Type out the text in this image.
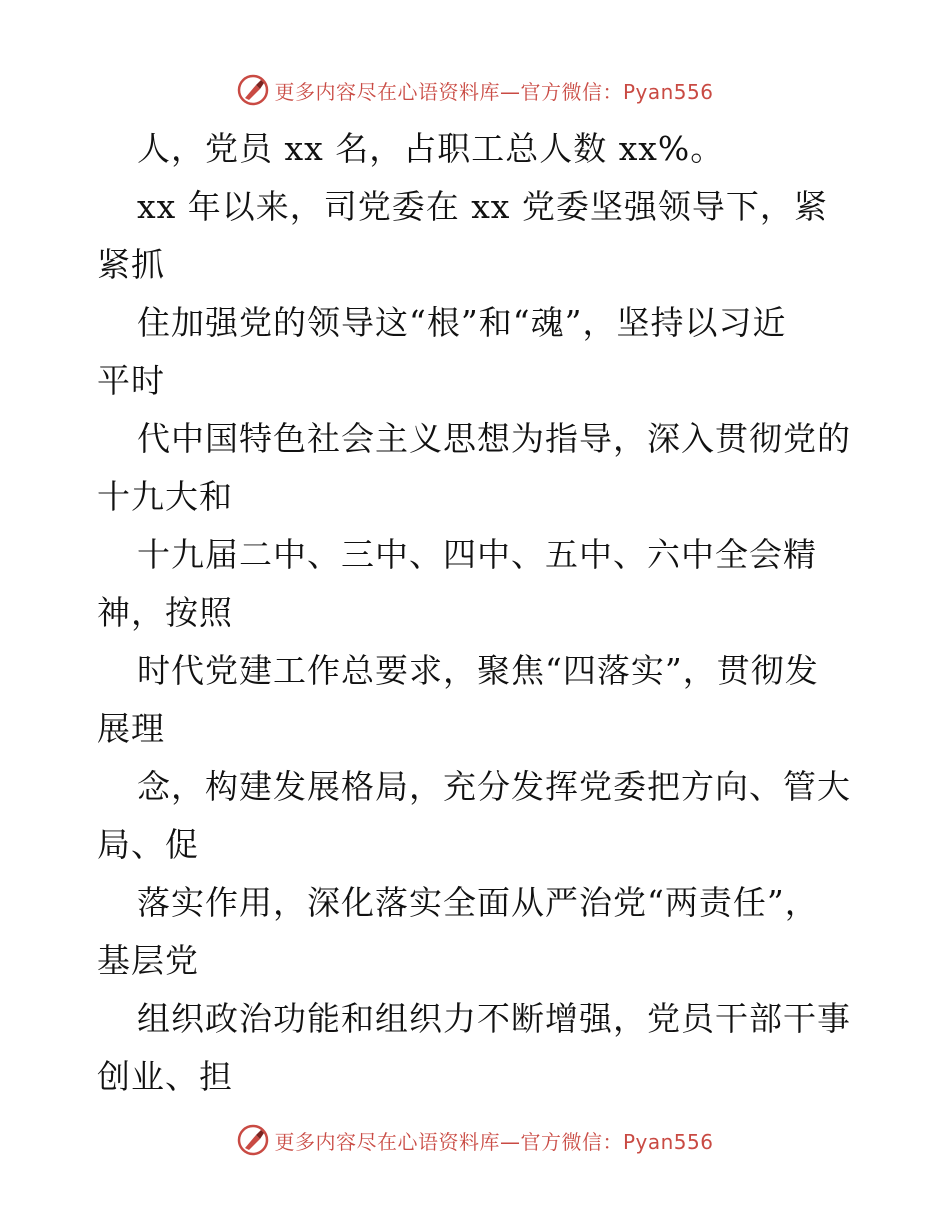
更多内容尽在心语资料库—官方微信：Pyan556
人，党员 xx 名，占职工总人数 xx%。
xx 年以来，司党委在 xx 党委坚强领导下，紧
紧抓
住加强党的领导这“根”和“魂”，坚持以习近
平时
代中国特色社会主义思想为指导，深入贯彻党的
十九大和
十九届二中、三中、四中、五中、六中全会精
神，按照
时代党建工作总要求，聚焦“四落实”，贯彻发
展理
念，构建发展格局，充分发挥党委把方向、管大
局、促
落实作用，深化落实全面从严治党“两责任”，
基层党
组织政治功能和组织力不断增强，党员干部干事
创业、担
更多内容尽在心语资料库—官方微信：Pyan556
